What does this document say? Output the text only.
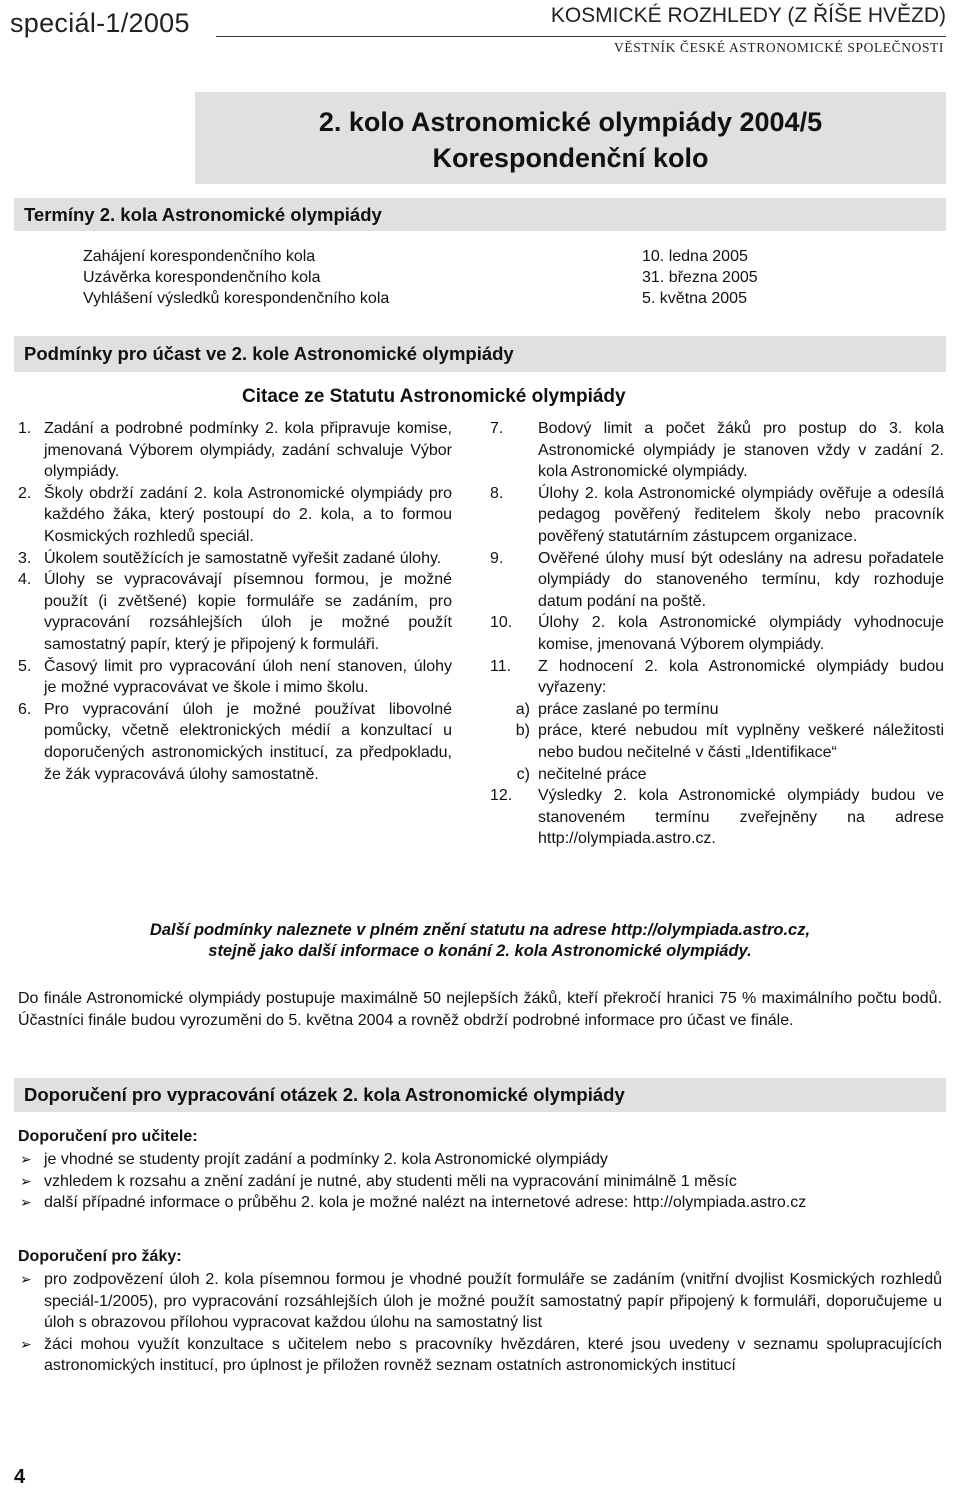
speciál-1/2005	KOSMICKÉ ROZHLEDY (Z ŘÍŠE HVĚZD)
VĚSTNÍK ČESKÉ ASTRONOMICKÉ SPOLEČNOSTI
2. kolo Astronomické olympiády 2004/5
Korespondenční kolo
Termíny 2. kola Astronomické olympiády
Zahájení korespondenčního kola	10. ledna 2005
Uzávěrka korespondenčního kola	31. března 2005
Vyhlášení výsledků korespondenčního kola	5. května 2005
Podmínky pro účast ve 2. kole Astronomické olympiády
Citace ze Statutu Astronomické olympiády

1. Zadání a podrobné podmínky 2. kola připravuje komise, jmenovaná Výborem olympiády, zadání schvaluje Výbor olympiády.

2. Školy obdrží zadání 2. kola Astronomické olympiády pro každého žáka, který postoupí do 2. kola, a to formou Kosmických rozhledů speciál.

3. Úkolem soutěžících je samostatně vyřešit zadané úlohy.

4. Úlohy se vypracovávají písemnou formou, je možné použít (i zvětšené) kopie formuláře se zadáním, pro vypracování rozsáhlejších úloh je možné použít samostatný papír, který je připojený k formuláři.

5. Časový limit pro vypracování úloh není stanoven, úlohy je možné vypracovávat ve škole i mimo školu.

6. Pro vypracování úloh je možné používat libovolné pomůcky, včetně elektronických médií a konzultací u doporučených astronomických institucí, za předpokladu, že žák vypracovává úlohy samostatně.

7. Bodový limit a počet žáků pro postup do 3. kola Astronomické olympiády je stanoven vždy v zadání 2. kola Astronomické olympiády.

8. Úlohy 2. kola Astronomické olympiády ověřuje a odesílá pedagog pověřený ředitelem školy nebo pracovník pověřený statutárním zástupcem organizace.

9. Ověřené úlohy musí být odeslány na adresu pořadatele olympiády do stanoveného termínu, kdy rozhoduje datum podání na poště.

10. Úlohy 2. kola Astronomické olympiády vyhodnocuje komise, jmenovaná Výborem olympiády.

11. Z hodnocení 2. kola Astronomické olympiády budou vyřazeny:

a) práce zaslané po termínu

b) práce, které nebudou mít vyplněny veškeré náležitosti nebo budou nečitelné v části „Identifikace“

c) nečitelné práce

12. Výsledky 2. kola Astronomické olympiády budou ve stanoveném termínu zveřejněny na adrese http://olympiada.astro.cz.

Další podmínky naleznete v plném znění statutu na adrese http://olympiada.astro.cz,
stejně jako další informace o konání 2. kola Astronomické olympiády.
Do finále Astronomické olympiády postupuje maximálně 50 nejlepších žáků, kteří překročí hranici 75 % maximálního počtu bodů. Účastníci finále budou vyrozuměni do 5. května 2004 a rovněž obdrží podrobné informace pro účast ve finále.
Doporučení pro vypracování otázek 2. kola Astronomické olympiády
Doporučení pro učitele:
➢ je vhodné se studenty projít zadání a podmínky 2. kola Astronomické olympiády
➢ vzhledem k rozsahu a znění zadání je nutné, aby studenti měli na vypracování minimálně 1 měsíc
➢ další případné informace o průběhu 2. kola je možné nalézt na internetové adrese: http://olympiada.astro.cz
Doporučení pro žáky:
➢ pro zodpovězení úloh 2. kola písemnou formou je vhodné použít formuláře se zadáním (vnitřní dvojlist Kosmických rozhledů speciál-1/2005), pro vypracování rozsáhlejších úloh je možné použít samostatný papír připojený k formuláři, doporučujeme u úloh s obrazovou přílohou vypracovat každou úlohu na samostatný list
➢ žáci mohou využít konzultace s učitelem nebo s pracovníky hvězdáren, které jsou uvedeny v seznamu spolupracujících astronomických institucí, pro úplnost je přiložen rovněž seznam ostatních astronomických institucí
4
